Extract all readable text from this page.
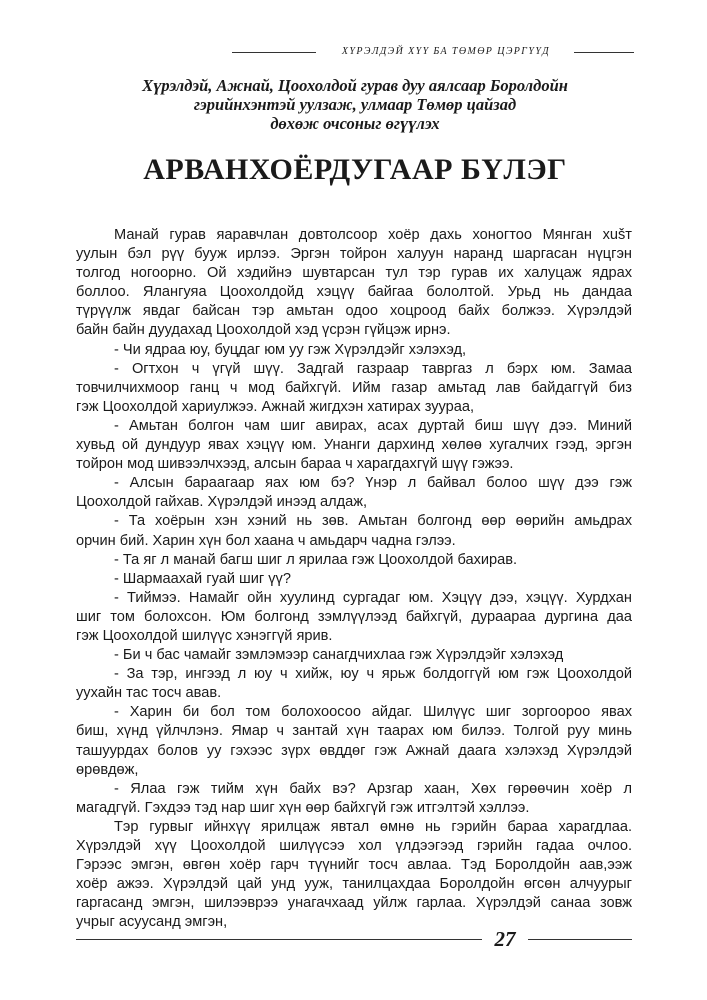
ХҮРЭЛДЭЙ ХҮҮ БА ТӨМӨР ЦЭРГҮҮД
Хүрэлдэй, Ажнай, Цоохолдой гурав дуу аялсаар Боролдойн
гэрийнхэнтэй уулзаж, улмаар Төмөр цайзад
дөхөж очсоныг өгүүлэх
АРВАНХОЁРДУГААР БҮЛЭГ
Манай гурав яаравчлан довтолсоор хоёр дахь хоногтоо Мянган хušт
уулын бэл рүү бууж ирлээ. Эргэн тойрон халуун наранд шаргасан нүцгэн
толгод ногоорно. Ой хэдийнэ шувтарсан тул тэр гурав их халуцаж ядрах
боллоо. Ялангуяа Цоохолдойд хэцүү байгаа бололтой. Урьд нь дандаа
түрүүлж явдаг байсан тэр амьтан одоо хоцроод байх болжээ. Хүрэлдэй
байн байн дуудахад Цоохолдой хэд үсрэн гүйцэж ирнэ.
- Чи ядраа юу, буцдаг юм уу гэж Хүрэлдэйг хэлэхэд,
- Огтхон ч үгүй шүү. Задгай газраар тавргаз л бэрх юм. Замаа
товчилчихмоор ганц ч мод байхгүй. Ийм газар амьтад лав байдаггүй биз
гэж Цоохолдой хариулжээ. Ажнай жигдхэн хатирах зуураа,
- Амьтан болгон чам шиг авирах, асах дуртай биш шүү дээ. Миний
хувьд ой дундуур явах хэцүү юм. Унанги дархинд хөлөө хугалчих гээд, эргэн
тойрон мод шивээлчхээд, алсын бараа ч харагдахгүй шүү гэжээ.
- Алсын бараагаар яах юм бэ? Үнэр л байвал болоо шүү дээ гэж
Цоохолдой гайхав. Хүрэлдэй инээд алдаж,
- Та хоёрын хэн хэний нь зөв. Амьтан болгонд өөр өөрийн амьдрах
орчин бий. Харин хүн бол хаана ч амьдарч чадна гэлээ.
- Та яг л манай багш шиг л ярилаа гэж Цоохолдой бахирав.
- Шармаахай гуай шиг үү?
- Тиймээ. Намайг ойн хуулинд сургадаг юм. Хэцүү дээ, хэцүү. Хурдхан
шиг том болохсон. Юм болгонд зэмлүүлээд байхгүй, дураараа дургина даа
гэж Цоохолдой шилүүс хэнэггүй ярив.
- Би ч бас чамайг зэмлэмээр санагдчихлаа гэж Хүрэлдэйг хэлэхэд
- За тэр, ингээд л юу ч хийж, юу ч ярьж болдоггүй юм гэж Цоохолдой
уухайн тас тосч авав.
- Харин би бол том болохоосоо айдаг. Шилүүс шиг зоргоороо явах
биш, хүнд үйлчлэнэ. Ямар ч зантай хүн таарах юм билээ. Толгой руу минь
ташуурдах болов уу гэхээс зүрх өвддөг гэж Ажнай даага хэлэхэд Хүрэлдэй
өрөвдөж,
- Ялаа гэж тийм хүн байх вэ? Арзгар хаан, Хөх гөрөөчин хоёр л
магадгүй. Гэхдээ тэд нар шиг хүн өөр байхгүй гэж итгэлтэй хэллээ.
Тэр гурвыг ийнхүү ярилцаж явтал өмнө нь гэрийн бараа харагдлаа.
Хүрэлдэй хүү Цоохолдой шилүүсээ хол үлдээгээд гэрийн гадаа очлоо.
Гэрээс эмгэн, өвгөн хоёр гарч түүнийг тосч авлаа. Тэд Боролдойн аав,ээж
хоёр ажээ. Хүрэлдэй цай унд ууж, танилцахдаа Боролдойн өгсөн алчуурыг
гаргасанд эмгэн, шилээврээ унагачхаад уйлж гарлаа. Хүрэлдэй санаа зовж
учрыг асуусанд эмгэн,
27
